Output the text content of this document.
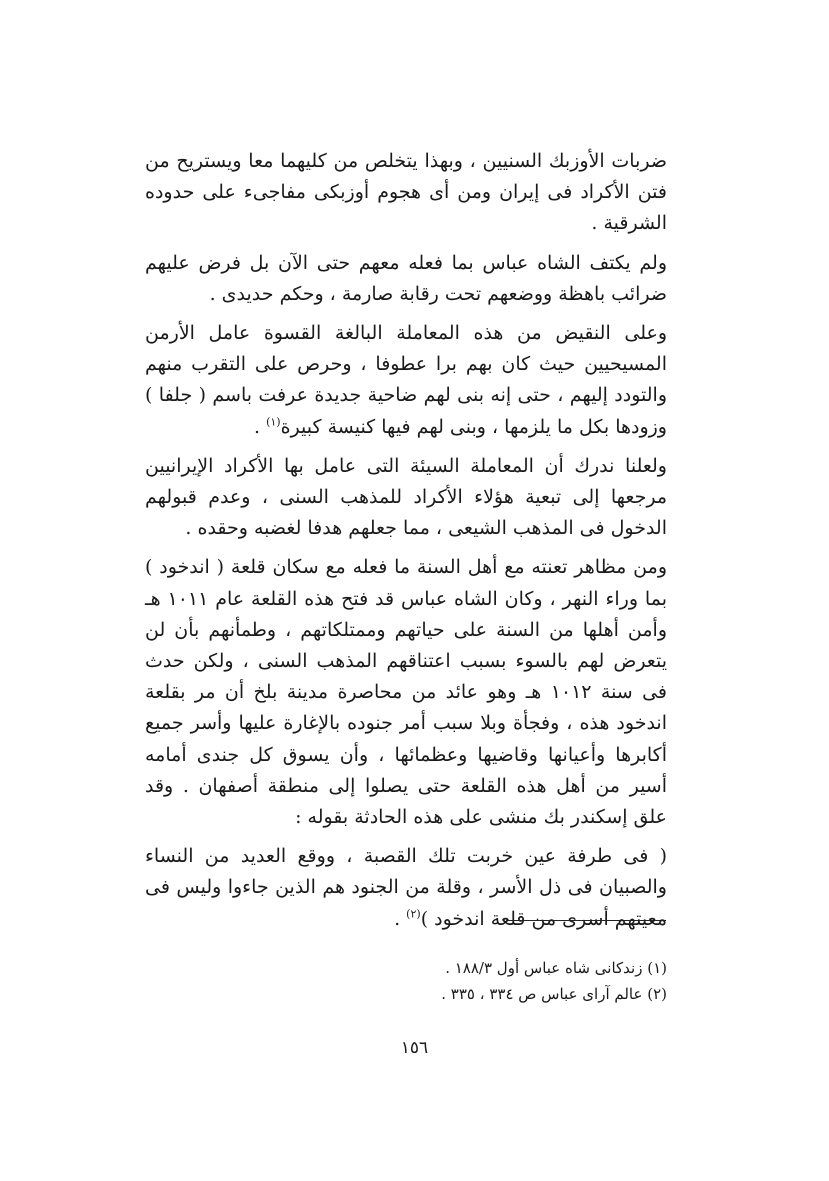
ضربات الأوزبك السنيين ، وبهذا يتخلص من كليهما معا ويستريح من فتن الأكراد فى إيران ومن أى هجوم أوزبكى مفاجىء على حدوده الشرقية .

ولم يكتف الشاه عباس بما فعله معهم حتى الآن بل فرض عليهم ضرائب باهظة ووضعهم تحت رقابة صارمة ، وحكم حديدى .

وعلى النقيض من هذه المعاملة البالغة القسوة عامل الأرمن المسيحيين حيث كان بهم برا عطوفا ، وحرص على التقرب منهم والتودد إليهم ، حتى إنه بنى لهم ضاحية جديدة عرفت باسم ( جلفا ) وزودها بكل ما يلزمها ، وبنى لهم فيها كنيسة كبيرة$^{(١)}$ .

ولعلنا ندرك أن المعاملة السيئة التى عامل بها الأكراد الإيرانيين مرجعها إلى تبعية هؤلاء الأكراد للمذهب السنى ، وعدم قبولهم الدخول فى المذهب الشيعى ، مما جعلهم هدفا لغضبه وحقده .

ومن مظاهر تعنته مع أهل السنة ما فعله مع سكان قلعة ( اندخود ) بما وراء النهر ، وكان الشاه عباس قد فتح هذه القلعة عام ١٠١١ هـ وأمن أهلها من السنة على حياتهم وممتلكاتهم ، وطمأنهم بأن لن يتعرض لهم بالسوء بسبب اعتناقهم المذهب السنى ، ولكن حدث فى سنة ١٠١٢ هـ وهو عائد من محاصرة مدينة بلخ أن مر بقلعة اندخود هذه ، وفجأة وبلا سبب أمر جنوده بالإغارة عليها وأسر جميع أكابرها وأعيانها وقاضيها وعظمائها ، وأن يسوق كل جندى أمامه أسير من أهل هذه القلعة حتى يصلوا إلى منطقة أصفهان . وقد علق إسكندر بك منشى على هذه الحادثة بقوله :

( فى طرفة عين خربت تلك القصبة ، ووقع العديد من النساء والصبيان فى ذل الأسر ، وقلة من الجنود هم الذين جاءوا وليس فى معيتهم أسرى من قلعة اندخود )$^{(٢)}$ .

(١) زندكانى شاه عباس أول ١٨٨/٣ .

(٢) عالم آراى عباس ص ٣٣٤ ، ٣٣٥ .

١٥٦
